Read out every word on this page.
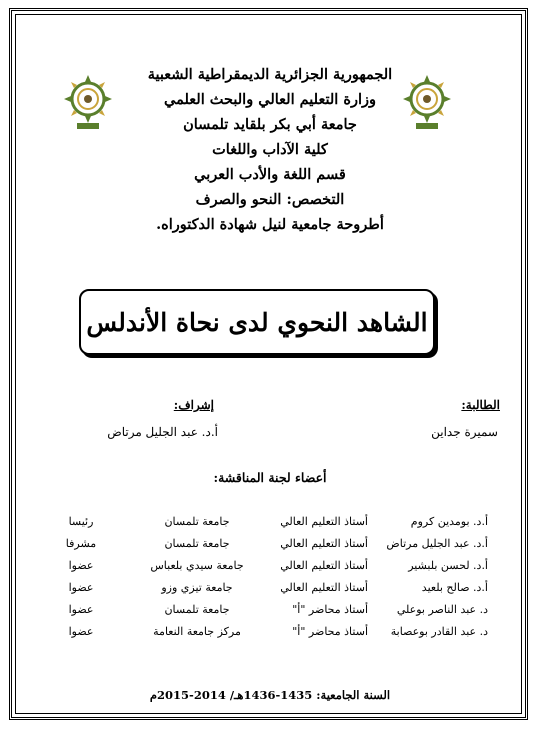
الجمهورية الجزائرية الديمقراطية الشعبية
وزارة التعليم العالي والبحث العلمي
جامعة أبي بكر بلقايد تلمسان
كلية الآداب واللغات
قسم اللغة والأدب العربي
التخصص: النحو والصرف
أطروحة جامعية لنيل شهادة الدكتوراه.
الشاهد النحوي لدى نحاة الأندلس
الطالبة:
سميرة جداين
إشراف:
أ.د. عبد الجليل مرتاض
أعضاء لجنة المناقشة:
أ.د. بومدين كروم
أستاذ التعليم العالي
جامعة تلمسان
رئيسا
أ.د. عبد الجليل مرتاض
أستاذ التعليم العالي
جامعة تلمسان
مشرفا
أ.د. لحسن بلبشير
أستاذ التعليم العالي
جامعة سيدي بلعباس
عضوا
أ.د. صالح بلعيد
أستاذ التعليم العالي
جامعة تيزي وزو
عضوا
د. عبد الناصر بوعلي
أستاذ محاضر "أ"
جامعة تلمسان
عضوا
د. عبد القادر بوعصابة
أستاذ محاضر "أ"
مركز جامعة النعامة
عضوا
السنة الجامعية: 1435-1436هـ/ 2014-2015م
